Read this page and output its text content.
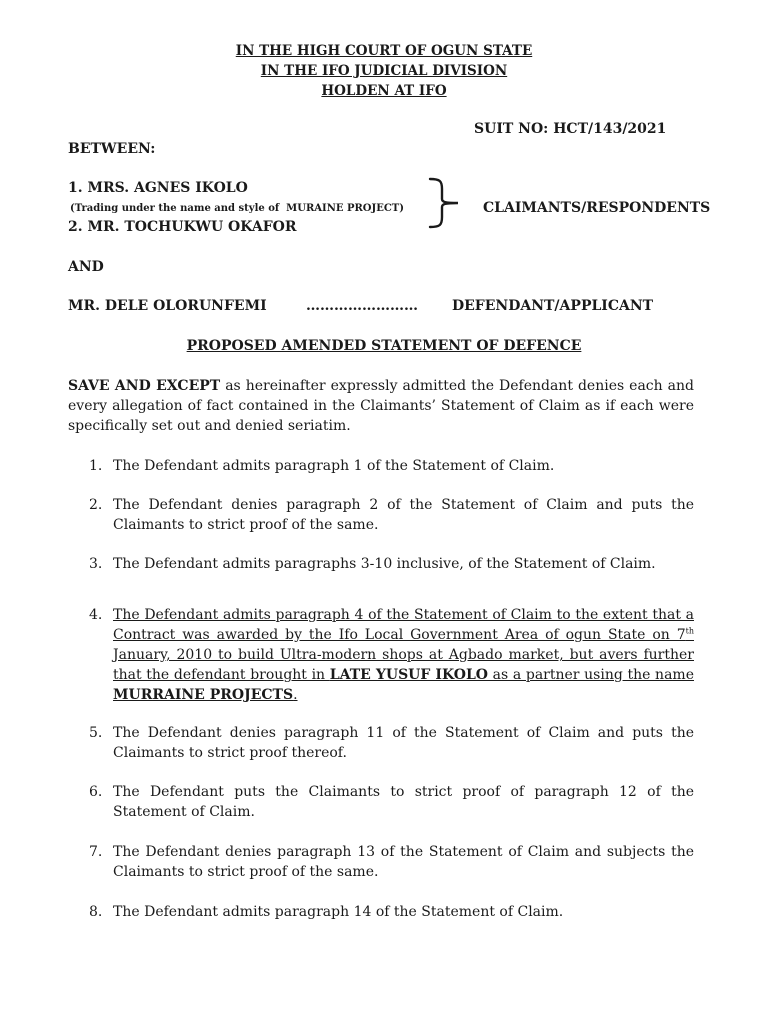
IN THE HIGH COURT OF OGUN STATE
IN THE IFO JUDICIAL DIVISION
HOLDEN AT IFO
SUIT NO: HCT/143/2021
BETWEEN:
1. MRS. AGNES IKOLO
(Trading under the name and style of MURAINE PROJECT)
2. MR. TOCHUKWU OKAFOR
CLAIMANTS/RESPONDENTS
AND
MR. DELE OLORUNFEMI	…………………… DEFENDANT/APPLICANT
PROPOSED AMENDED STATEMENT OF DEFENCE
SAVE AND EXCEPT as hereinafter expressly admitted the Defendant denies each and every allegation of fact contained in the Claimants’ Statement of Claim as if each were specifically set out and denied seriatim.
1. The Defendant admits paragraph 1 of the Statement of Claim.
2. The Defendant denies paragraph 2 of the Statement of Claim and puts the Claimants to strict proof of the same.
3. The Defendant admits paragraphs 3-10 inclusive, of the Statement of Claim.
4. The Defendant admits paragraph 4 of the Statement of Claim to the extent that a Contract was awarded by the Ifo Local Government Area of ogun State on 7th January, 2010 to build Ultra-modern shops at Agbado market, but avers further that the defendant brought in LATE YUSUF IKOLO as a partner using the name MURRAINE PROJECTS.
5. The Defendant denies paragraph 11 of the Statement of Claim and puts the Claimants to strict proof thereof.
6. The Defendant puts the Claimants to strict proof of paragraph 12 of the Statement of Claim.
7. The Defendant denies paragraph 13 of the Statement of Claim and subjects the Claimants to strict proof of the same.
8. The Defendant admits paragraph 14 of the Statement of Claim.
